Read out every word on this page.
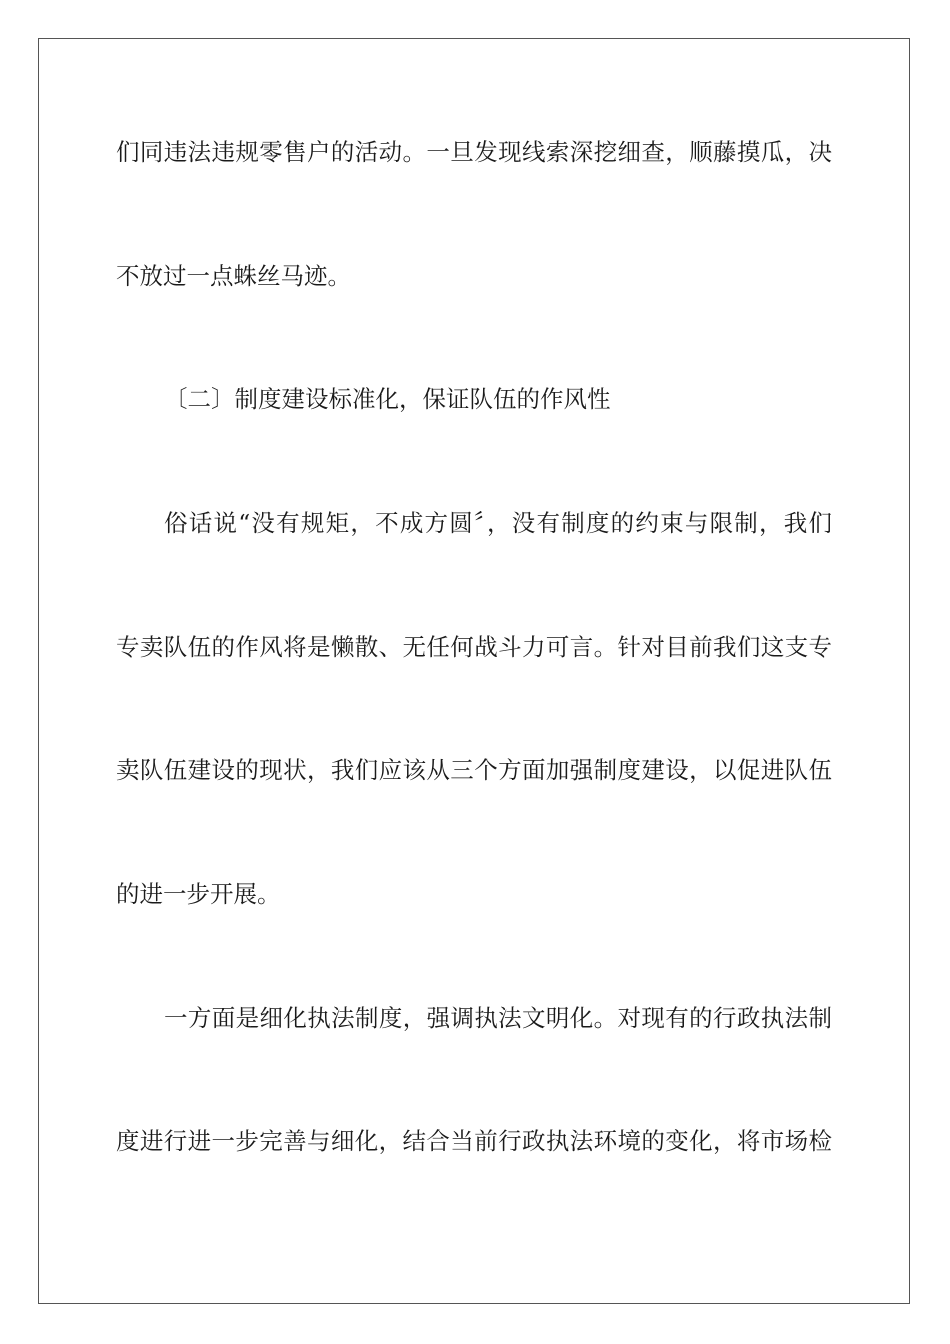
们同违法违规零售户的活动。一旦发现线索深挖细查，顺藤摸瓜，决
不放过一点蛛丝马迹。
〔二〕制度建设标准化，保证队伍的作风性
俗话说“没有规矩，不成方圆〞，没有制度的约束与限制，我们
专卖队伍的作风将是懒散、无任何战斗力可言。针对目前我们这支专
卖队伍建设的现状，我们应该从三个方面加强制度建设，以促进队伍
的进一步开展。
一方面是细化执法制度，强调执法文明化。对现有的行政执法制
度进行进一步完善与细化，结合当前行政执法环境的变化，将市场检
